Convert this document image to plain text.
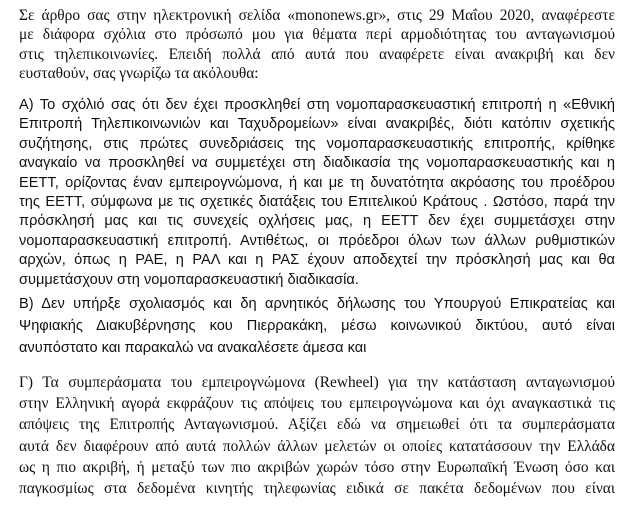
Σε άρθρο σας στην ηλεκτρονική σελίδα «mononews.gr», στις 29 Μαΐου 2020, αναφέρεστε
με διάφορα σχόλια στο πρόσωπό μου για θέματα περί αρμοδιότητας του ανταγωνισμού
στις τηλεπικοινωνίες. Επειδή πολλά από αυτά που αναφέρετε είναι ανακριβή και δεν
ευσταθούν, σας γνωρίζω τα ακόλουθα:
Α) Το σχόλιό σας ότι δεν έχει προσκληθεί στη νομοπαρασκευαστική επιτροπή η «Εθνική
Επιτροπή Τηλεπικοινωνιών και Ταχυδρομείων» είναι ανακριβές, διότι κατόπιν σχετικής
συζήτησης, στις πρώτες συνεδριάσεις της νομοπαρασκευαστικής επιτροπής, κρίθηκε
αναγκαίο να προσκληθεί να συμμετέχει στη διαδικασία της νομοπαρασκευαστικής και η
ΕΕΤΤ, ορίζοντας έναν εμπειρογνώμονα, ή και με τη δυνατότητα ακρόασης του προέδρου
της ΕΕΤΤ, σύμφωνα με τις σχετικές διατάξεις του Επιτελικού Κράτους . Ωστόσο, παρά την
πρόσκλησή μας και τις συνεχείς οχλήσεις μας, η ΕΕΤΤ δεν έχει συμμετάσχει στην
νομοπαρασκευαστική επιτροπή. Αντιθέτως, οι πρόεδροι όλων των άλλων ρυθμιστικών
αρχών, όπως η ΡΑΕ, η ΡΑΛ και η ΡΑΣ έχουν αποδεχτεί την πρόσκλησή μας και θα
συμμετάσχουν στη νομοπαρασκευαστική διαδικασία.
Β) Δεν υπήρξε σχολιασμός και δη αρνητικός δήλωσης του Υπουργού Επικρατείας και
Ψηφιακής Διακυβέρνησης κου Πιερρακάκη, μέσω κοινωνικού δικτύου, αυτό είναι
ανυπόστατο και παρακαλώ να ανακαλέσετε άμεσα και
Γ) Τα συμπεράσματα του εμπειρογνώμονα (Rewheel) για την κατάσταση ανταγωνισμού
στην Ελληνική αγορά εκφράζουν τις απόψεις του εμπειρογνώμονα και όχι αναγκαστικά τις
απόψεις της Επιτροπής Ανταγωνισμού. Αξίζει εδώ να σημειωθεί ότι τα συμπεράσματα
αυτά δεν διαφέρουν από αυτά πολλών άλλων μελετών οι οποίες κατατάσσουν την Ελλάδα
ως η πιο ακριβή, ή μεταξύ των πιο ακριβών χωρών τόσο στην Ευρωπαϊκή Ένωση όσο και
παγκοσμίως στα δεδομένα κινητής τηλεφωνίας ειδικά σε πακέτα δεδομένων που είναι
